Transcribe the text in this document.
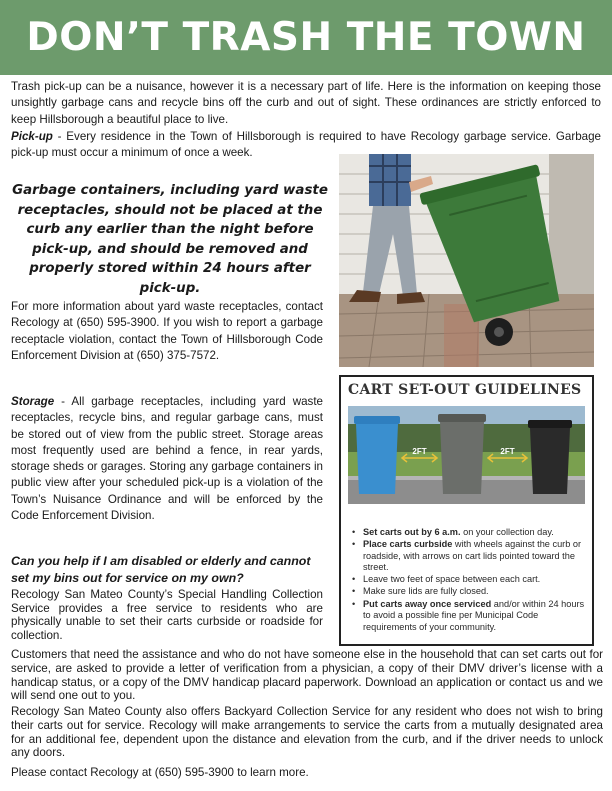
DON’T TRASH THE TOWN

Trash pick-up can be a nuisance, however it is a necessary part of life. Here is the information on keeping those unsightly garbage cans and recycle bins off the curb and out of sight. These ordinances are strictly enforced to keep Hillsborough a beautiful place to live.

Pick-up - Every residence in the Town of Hillsborough is required to have Recology garbage service. Garbage pick-up must occur a minimum of once a week.

Garbage containers, including yard waste receptacles, should not be placed at the curb any earlier than the night before pick-up, and should be removed and properly stored within 24 hours after pick-up.

For more information about yard waste receptacles, contact Recology at (650) 595-3900. If you wish to report a garbage receptacle violation, contact the Town of Hillsborough Code Enforcement Division at (650) 375-7572.

Storage - All garbage receptacles, including yard waste receptacles, recycle bins, and regular garbage cans, must be stored out of view from the public street. Storage areas most frequently used are behind a fence, in rear yards, storage sheds or garages. Storing any garbage containers in public view after your scheduled pick-up is a violation of the Town’s Nuisance Ordinance and will be enforced by the Code Enforcement Division.

Can you help if I am disabled or elderly and cannot set my bins out for service on my own?

Recology San Mateo County’s Special Handling Collection Service provides a free service to residents who are physically unable to set their carts curbside or roadside for collection.

Customers that need the assistance and who do not have someone else in the household that can set carts out for service, are asked to provide a letter of verification from a physician, a copy of their DMV driver’s license with a handicap status, or a copy of the DMV handicap placard paperwork. Download an application or contact us and we will send one out to you.

Recology San Mateo County also offers Backyard Collection Service for any resident who does not wish to bring their carts out for service. Recology will make arrangements to service the carts from a mutually designated area for an additional fee, dependent upon the distance and elevation from the curb, and if the driver needs to unlock any doors.

Please contact Recology at (650) 595-3900 to learn more.

CART SET-OUT GUIDELINES
2FT	2FT
• Set carts out by 6 a.m. on your collection day.
• Place carts curbside with wheels against the curb or roadside, with arrows on cart lids pointed toward the street.
• Leave two feet of space between each cart.
• Make sure lids are fully closed.
• Put carts away once serviced and/or within 24 hours to avoid a possible fine per Municipal Code requirements of your community.
